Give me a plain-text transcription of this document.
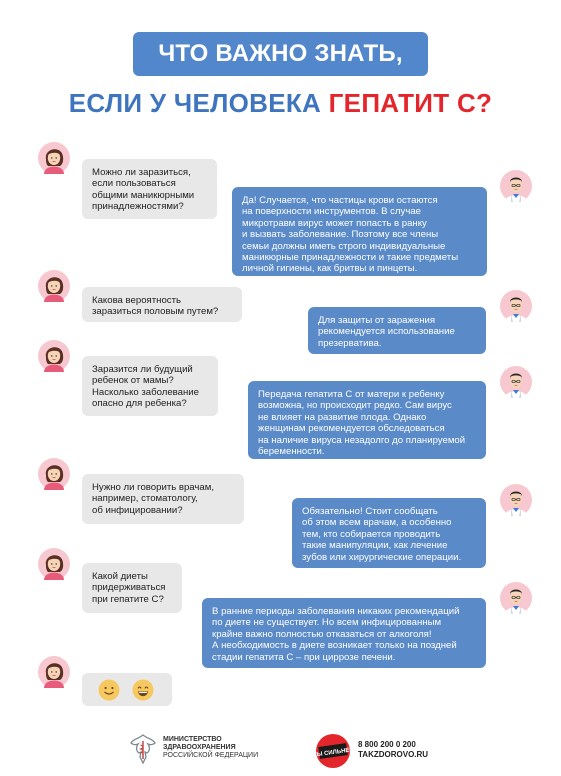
ЧТО ВАЖНО ЗНАТЬ,
ЕСЛИ У ЧЕЛОВЕКА ГЕПАТИТ С?
Можно ли заразиться,
если пользоваться
общими маникюрными
принадлежностями?
Да! Случается, что частицы крови остаются
на поверхности инструментов. В случае
микротравм вирус может попасть в ранку
и вызвать заболевание. Поэтому все члены
семьи должны иметь строго индивидуальные
маникюрные принадлежности и такие предметы
личной гигиены, как бритвы и пинцеты.
Какова вероятность
заразиться половым путем?
Для защиты от заражения
рекомендуется использование
презерватива.
Заразится ли будущий
ребенок от мамы?
Насколько заболевание
опасно для ребенка?
Передача гепатита С от матери к ребенку
возможна, но происходит редко. Сам вирус
не влияет на развитие плода. Однако
женщинам рекомендуется обследоваться
на наличие вируса незадолго до планируемой
беременности.
Нужно ли говорить врачам,
например, стоматологу,
об инфицировании?	Обязательно! Стоит сообщать
об этом всем врачам, а особенно
тем, кто собирается проводить
такие манипуляции, как лечение
зубов или хирургические операции.
Какой диеты
придерживаться
при гепатите С?
В ранние периоды заболевания никаких рекомендаций
по диете не существует. Но всем инфицированным
крайне важно полностью отказаться от алкоголя!
А необходимость в диете возникает только на поздней
стадии гепатита С – при циррозе печени.
МИНИСТЕРСТВО
ЗДРАВООХРАНЕНИЯ
РОССИЙСКОЙ ФЕДЕРАЦИИ	ТЫ СИЛЬНЕЕ
8 800 200 0 200
TAKZDOROVO.RU
